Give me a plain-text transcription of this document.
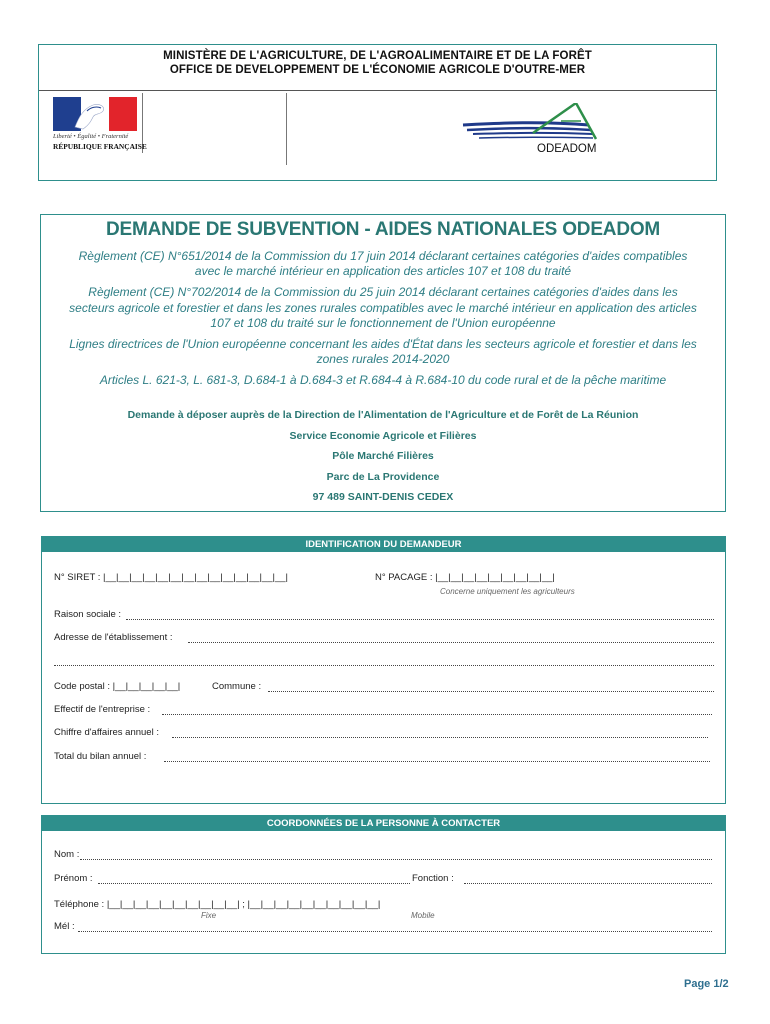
MINISTÈRE DE L'AGRICULTURE, DE L'AGROALIMENTAIRE ET DE LA FORÊT
OFFICE DE DEVELOPPEMENT DE L'ÉCONOMIE AGRICOLE D'OUTRE-MER
Liberté • Égalité • Fraternité
RÉPUBLIQUE FRANÇAISE	ODEADOM
DEMANDE DE SUBVENTION - AIDES NATIONALES ODEADOM
Règlement (CE) N°651/2014 de la Commission du 17 juin 2014 déclarant certaines catégories d'aides compatibles
avec le marché intérieur en application des articles 107 et 108 du traité
Règlement (CE) N°702/2014 de la Commission du 25 juin 2014 déclarant certaines catégories d'aides dans les
secteurs agricole et forestier et dans les zones rurales compatibles avec le marché intérieur en application des articles
107 et 108 du traité sur le fonctionnement de l'Union européenne
Lignes directrices de l'Union européenne concernant les aides d'État dans les secteurs agricole et forestier et dans les
zones rurales 2014-2020
Articles L. 621-3, L. 681-3, D.684-1 à D.684-3 et R.684-4 à R.684-10 du code rural et de la pêche maritime
Demande à déposer auprès de la Direction de l'Alimentation de l'Agriculture et de Forêt de La Réunion
Service Economie Agricole et Filières
Pôle Marché Filières
Parc de La Providence
97 489 SAINT-DENIS CEDEX
IDENTIFICATION DU DEMANDEUR
N° SIRET : |__|__|__|__|__|__|__|__|__|__|__|__|__|__|	N° PACAGE : |__|__|__|__|__|__|__|__|__|
Concerne uniquement les agriculteurs
Raison sociale :
Adresse de l'établissement :
Code postal : |__|__|__|__|__|	Commune :
Effectif de l'entreprise :
Chiffre d'affaires annuel :
Total du bilan annuel :
COORDONNÉES DE LA PERSONNE À CONTACTER
Nom :
Prénom :	Fonction :
Téléphone : |__|__|__|__|__|__|__|__|__|__| ; |__|__|__|__|__|__|__|__|__|__|
Fixe	Mobile
Mél :
Page 1/2
